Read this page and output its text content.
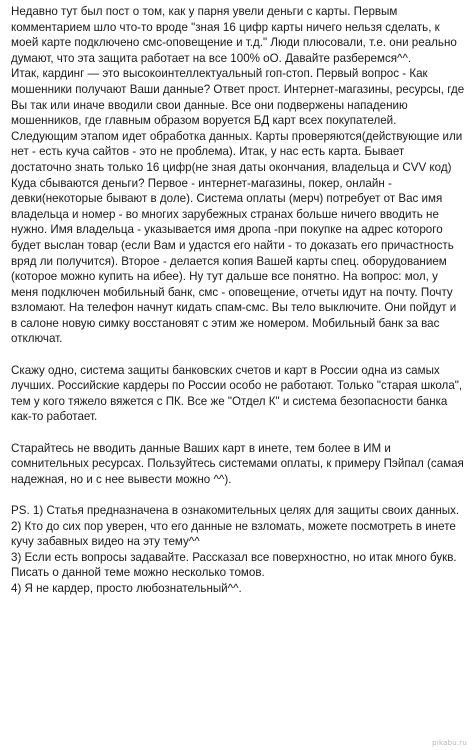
Недавно тут был пост о том, как у парня увели деньги с карты. Первым комментарием шло что-то вроде "зная 16 цифр карты ничего нельзя сделать, к моей карте подключено смс-оповещение и т.д." Люди плюсовали, т.е. они реально думают, что эта защита работает на все 100% оО. Давайте разберемся^^.

Итак, кардинг — это высокоинтеллектуальный гоп-стоп. Первый вопрос - Как мошенники получают Ваши данные? Ответ прост. Интернет-магазины, ресурсы, где Вы так или иначе вводили свои данные. Все они подвержены нападению мошенников, где главным образом воруется БД карт всех покупателей. Следующим этапом идет обработка данных. Карты проверяются(действующие или нет - есть куча сайтов - это не проблема). Итак, у нас есть карта. Бывает достаточно знать только 16 цифр(не зная даты окончания, владельца и CVV код) Куда сбываются деньги? Первое - интернет-магазины, покер, онлайн - девки(некоторые бывают в доле). Система оплаты (мерч) потребует от Вас имя владельца и номер - во многих зарубежных странах больше ничего вводить не нужно. Имя владельца - указывается имя дропа -при покупке на адрес которого будет выслан товар (если Вам и удастся его найти - то доказать его причастность вряд ли получится). Второе - делается копия Вашей карты спец. оборудованием (которое можно купить на ибее). Ну тут дальше все понятно. На вопрос: мол, у меня подключен мобильный банк, смс - оповещение, отчеты идут на почту. Почту взломают. На телефон начнут кидать спам-смс. Вы тело выключите. Они пойдут и в салоне новую симку восстановят с этим же номером. Мобильный банк за вас отключат.

Скажу одно, система защиты банковских счетов и карт в России одна из самых лучших. Российские кардеры по России особо не работают. Только "старая школа", тем у кого тяжело вяжется с ПК. Все же "Отдел К" и система безопасности банка как-то работает.

Старайтесь не вводить данные Ваших карт в инете, тем более в ИМ и сомнительных ресурсах. Пользуйтесь системами оплаты, к примеру Пэйпал (самая надежная, но и с нее вывести можно ^^).

PS. 1) Статья предназначена в ознакомительных целях для защиты своих данных.

2) Кто до сих пор уверен, что его данные не взломать, можете посмотреть в инете кучу забавных видео на эту тему^^

3) Если есть вопросы задавайте. Рассказал все поверхностно, но итак много букв. Писать о данной теме можно несколько томов.

4) Я не кардер, просто любознательный^^.

pikabu.ru
